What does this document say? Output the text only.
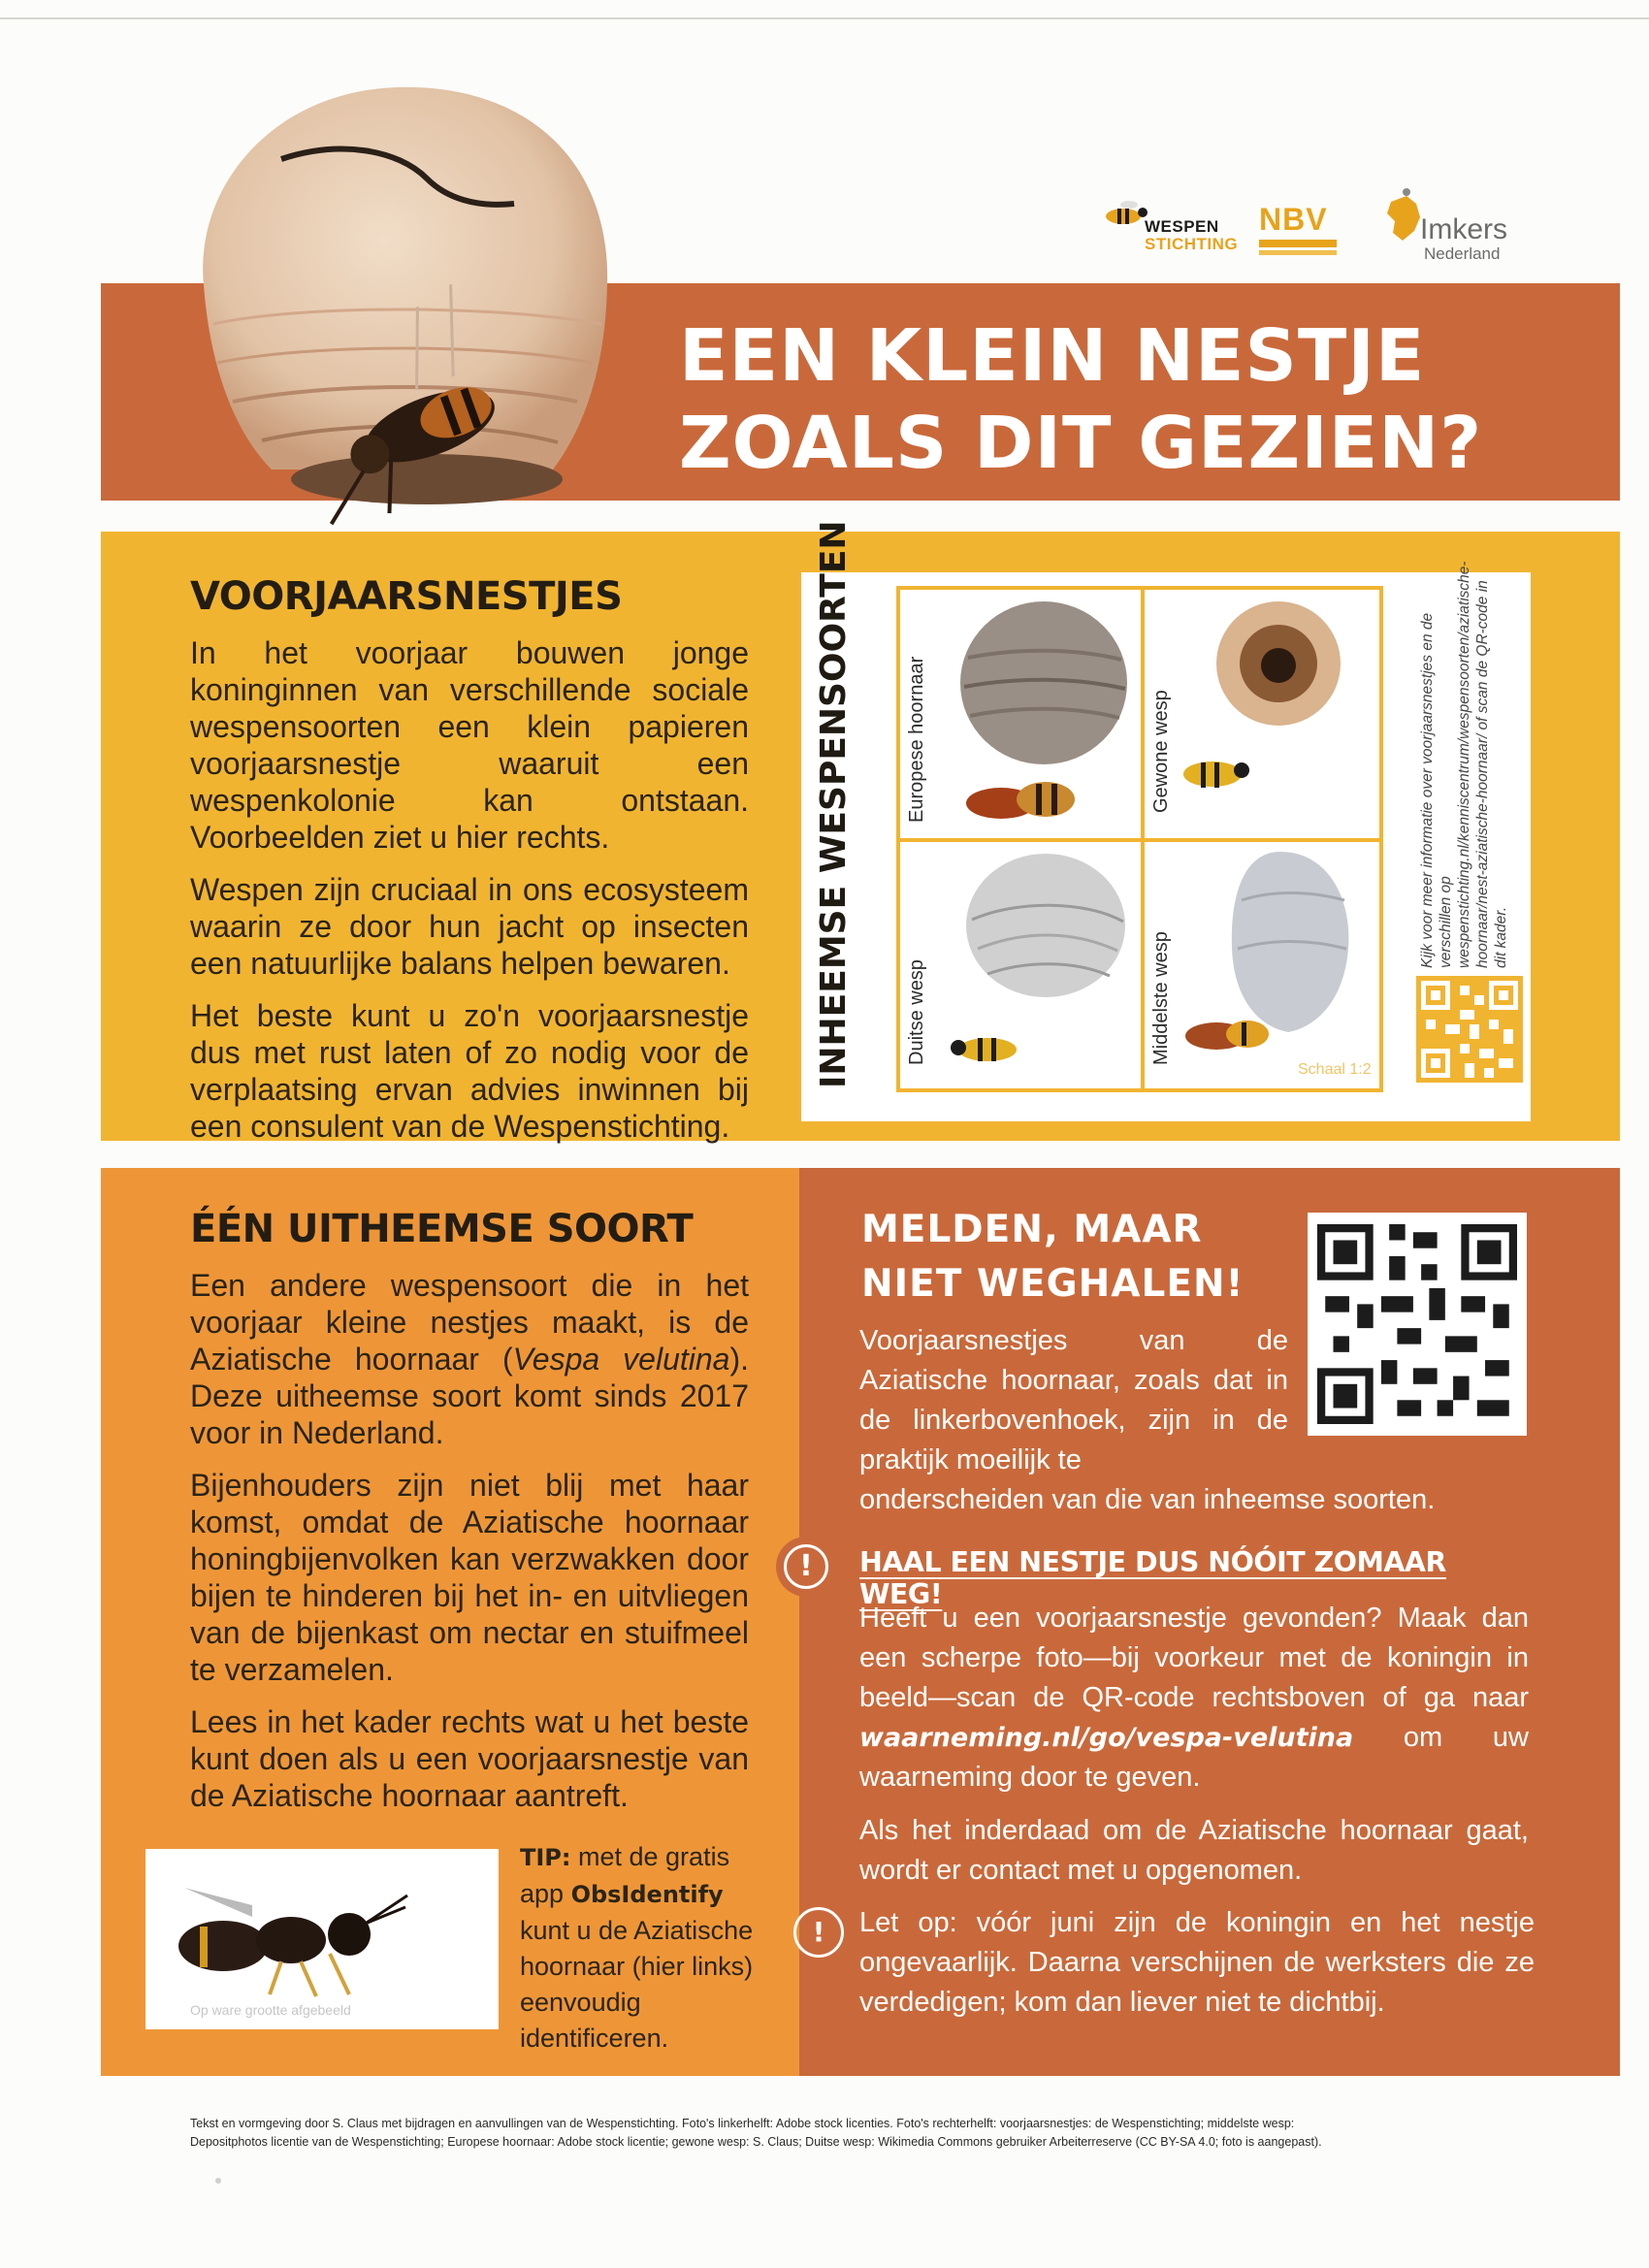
WESPEN
STICHTING
NBV	Imkers
Nederland
EEN KLEIN NESTJE
ZOALS DIT GEZIEN?
VOORJAARSNESTJES

In het voorjaar bouwen jonge koninginnen van verschillende sociale wespensoorten een klein papieren voorjaarsnestje waaruit een wespenkolonie kan ontstaan. Voorbeelden ziet u hier rechts.

Wespen zijn cruciaal in ons ecosysteem waarin ze door hun jacht op insecten een natuurlijke balans helpen bewaren.

Het beste kunt u zo'n voorjaarsnestje dus met rust laten of zo nodig voor de verplaatsing ervan advies inwinnen bij een consulent van de Wespenstichting.

INHEEMSE WESPENSOORTEN	Europese hoornaar	Gewone wesp
Duitse wesp	Middelste wesp
Schaal 1:2
Kijk voor meer informatie over voorjaarsnestjes en de verschillen op wespenstichting.nl/kenniscentrum/wespensoorten/aziatische-hoornaar/nest-aziatische-hoornaar/ of scan de QR-code in dit kader.
ÉÉN UITHEEMSE SOORT

Een andere wespensoort die in het voorjaar kleine nestjes maakt, is de Aziatische hoornaar (Vespa velutina). Deze uitheemse soort komt sinds 2017 voor in Nederland.

Bijenhouders zijn niet blij met haar komst, omdat de Aziatische hoornaar honingbijenvolken kan verzwakken door bijen te hinderen bij het in- en uitvliegen van de bijenkast om nectar en stuifmeel te verzamelen.

Lees in het kader rechts wat u het beste kunt doen als u een voorjaarsnestje van de Aziatische hoornaar aantreft.

Op ware grootte afgebeeld
TIP: met de gratis app ObsIdentify kunt u de Aziatische hoornaar (hier links) eenvoudig identificeren.
MELDEN, MAAR
NIET WEGHALEN!

Voorjaarsnestjes van de Aziatische hoornaar, zoals dat in de linkerbovenhoek, zijn in de praktijk moeilijk te

onderscheiden van die van inheemse soorten.

!	HAAL EEN NESTJE DUS NÓÓIT ZOMAAR WEG!

Heeft u een voorjaarsnestje gevonden? Maak dan een scherpe foto—bij voorkeur met de koningin in beeld—scan de QR-code rechtsboven of ga naar waarneming.nl/go/vespa-velutina om uw waarneming door te geven.

Als het inderdaad om de Aziatische hoornaar gaat, wordt er contact met u opgenomen.

!	Let op: vóór juni zijn de koningin en het nestje ongevaarlijk. Daarna verschijnen de werksters die ze verdedigen; kom dan liever niet te dichtbij.

Tekst en vormgeving door S. Claus met bijdragen en aanvullingen van de Wespenstichting. Foto's linkerhelft: Adobe stock licenties. Foto's rechterhelft: voorjaarsnestjes: de Wespenstichting; middelste wesp:
Depositphotos licentie van de Wespenstichting; Europese hoornaar: Adobe stock licentie; gewone wesp: S. Claus; Duitse wesp: Wikimedia Commons gebruiker Arbeiterreserve (CC BY-SA 4.0; foto is aangepast).
